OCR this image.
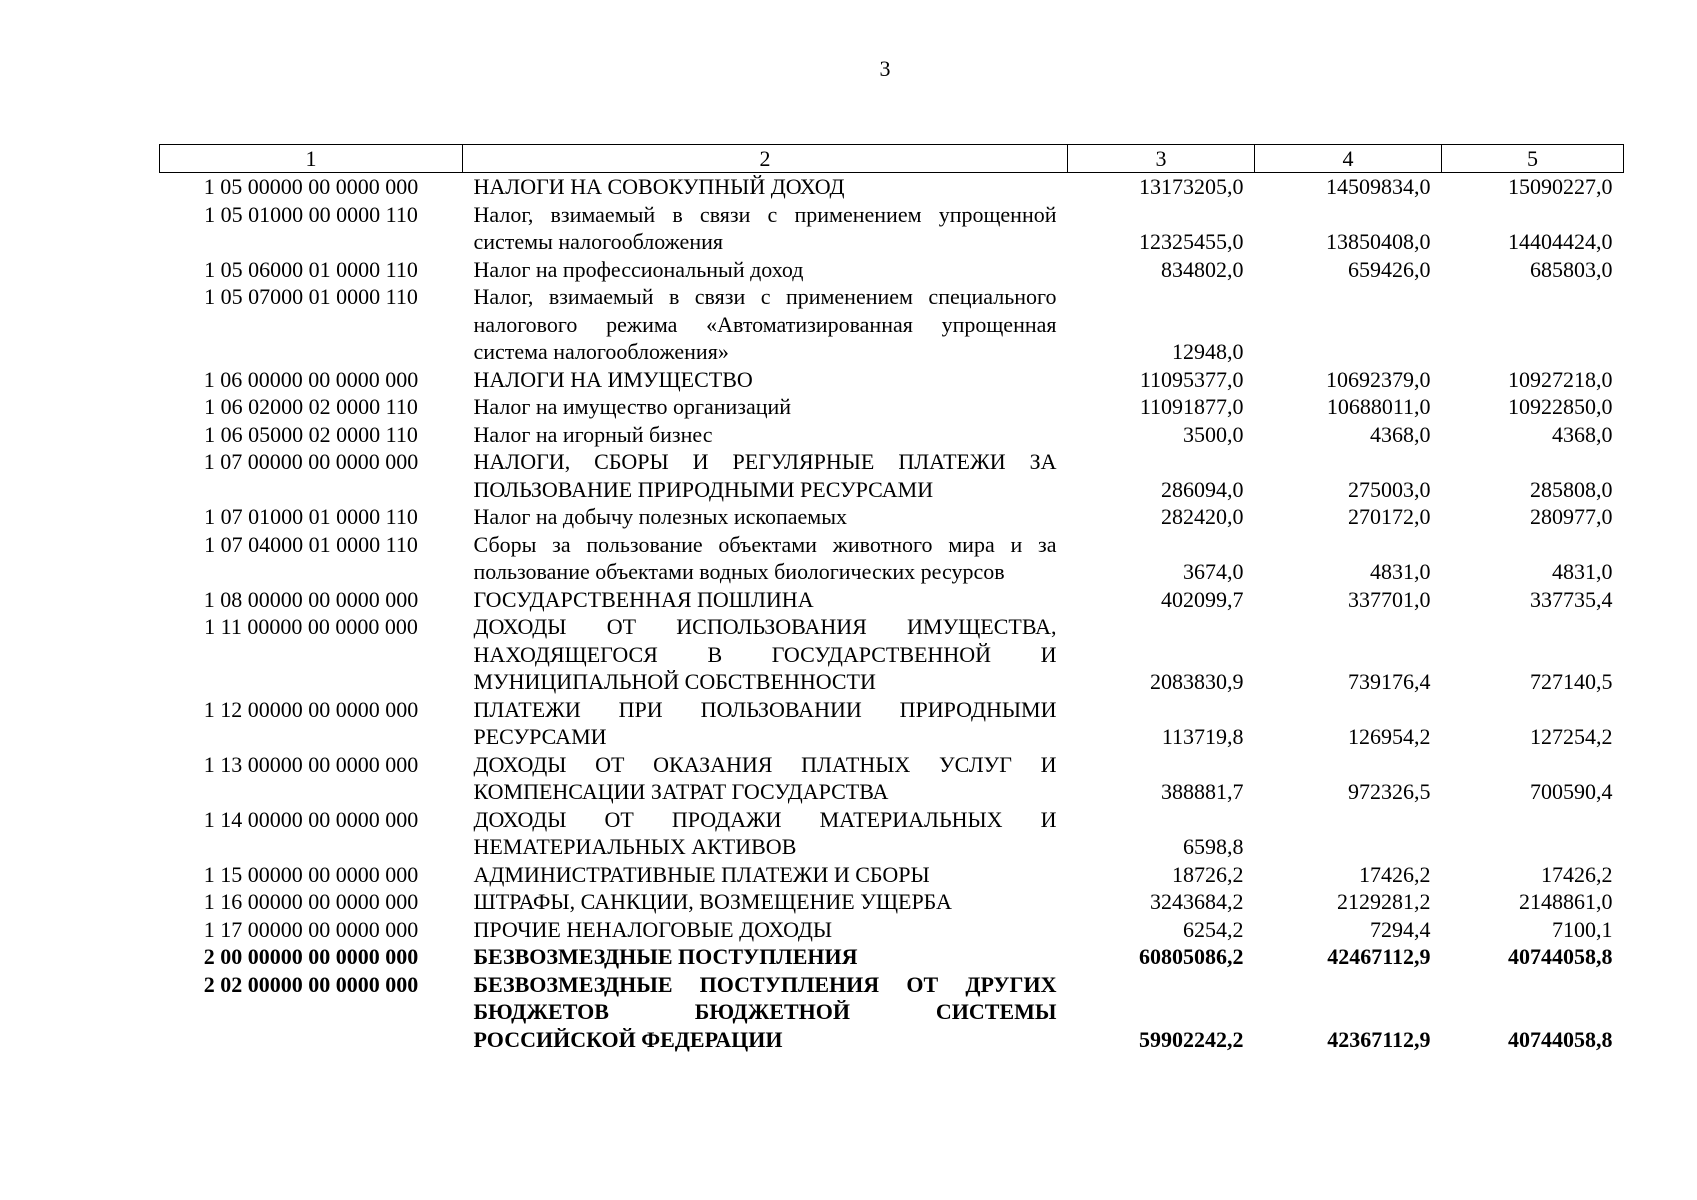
3
1	2	3	4	5
1 05 00000 00 0000 000	НАЛОГИ НА СОВОКУПНЫЙ ДОХОД	13173205,0	14509834,0	15090227,0
1 05 01000 00 0000 110	Налог, взимаемый в связи с применением упрощенной системы налогообложения	12325455,0	13850408,0	14404424,0
1 05 06000 01 0000 110	Налог на профессиональный доход	834802,0	659426,0	685803,0
1 05 07000 01 0000 110	Налог, взимаемый в связи с применением специального налогового режима «Автоматизированная упрощенная система налогообложения»	12948,0		
1 06 00000 00 0000 000	НАЛОГИ НА ИМУЩЕСТВО	11095377,0	10692379,0	10927218,0
1 06 02000 02 0000 110	Налог на имущество организаций	11091877,0	10688011,0	10922850,0
1 06 05000 02 0000 110	Налог на игорный бизнес	3500,0	4368,0	4368,0
1 07 00000 00 0000 000	НАЛОГИ, СБОРЫ И РЕГУЛЯРНЫЕ ПЛАТЕЖИ ЗА ПОЛЬЗОВАНИЕ ПРИРОДНЫМИ РЕСУРСАМИ	286094,0	275003,0	285808,0
1 07 01000 01 0000 110	Налог на добычу полезных ископаемых	282420,0	270172,0	280977,0
1 07 04000 01 0000 110	Сборы за пользование объектами животного мира и за пользование объектами водных биологических ресурсов	3674,0	4831,0	4831,0
1 08 00000 00 0000 000	ГОСУДАРСТВЕННАЯ ПОШЛИНА	402099,7	337701,0	337735,4
1 11 00000 00 0000 000	ДОХОДЫ ОТ ИСПОЛЬЗОВАНИЯ ИМУЩЕСТВА, НАХОДЯЩЕГОСЯ В ГОСУДАРСТВЕННОЙ И МУНИЦИПАЛЬНОЙ СОБСТВЕННОСТИ	2083830,9	739176,4	727140,5
1 12 00000 00 0000 000	ПЛАТЕЖИ ПРИ ПОЛЬЗОВАНИИ ПРИРОДНЫМИ РЕСУРСАМИ	113719,8	126954,2	127254,2
1 13 00000 00 0000 000	ДОХОДЫ ОТ ОКАЗАНИЯ ПЛАТНЫХ УСЛУГ И КОМПЕНСАЦИИ ЗАТРАТ ГОСУДАРСТВА	388881,7	972326,5	700590,4
1 14 00000 00 0000 000	ДОХОДЫ ОТ ПРОДАЖИ МАТЕРИАЛЬНЫХ И НЕМАТЕРИАЛЬНЫХ АКТИВОВ	6598,8		
1 15 00000 00 0000 000	АДМИНИСТРАТИВНЫЕ ПЛАТЕЖИ И СБОРЫ	18726,2	17426,2	17426,2
1 16 00000 00 0000 000	ШТРАФЫ, САНКЦИИ, ВОЗМЕЩЕНИЕ УЩЕРБА	3243684,2	2129281,2	2148861,0
1 17 00000 00 0000 000	ПРОЧИЕ НЕНАЛОГОВЫЕ ДОХОДЫ	6254,2	7294,4	7100,1
2 00 00000 00 0000 000	БЕЗВОЗМЕЗДНЫЕ ПОСТУПЛЕНИЯ	60805086,2	42467112,9	40744058,8
2 02 00000 00 0000 000	БЕЗВОЗМЕЗДНЫЕ ПОСТУПЛЕНИЯ ОТ ДРУГИХ БЮДЖЕТОВ БЮДЖЕТНОЙ СИСТЕМЫ РОССИЙСКОЙ ФЕДЕРАЦИИ	59902242,2	42367112,9	40744058,8
